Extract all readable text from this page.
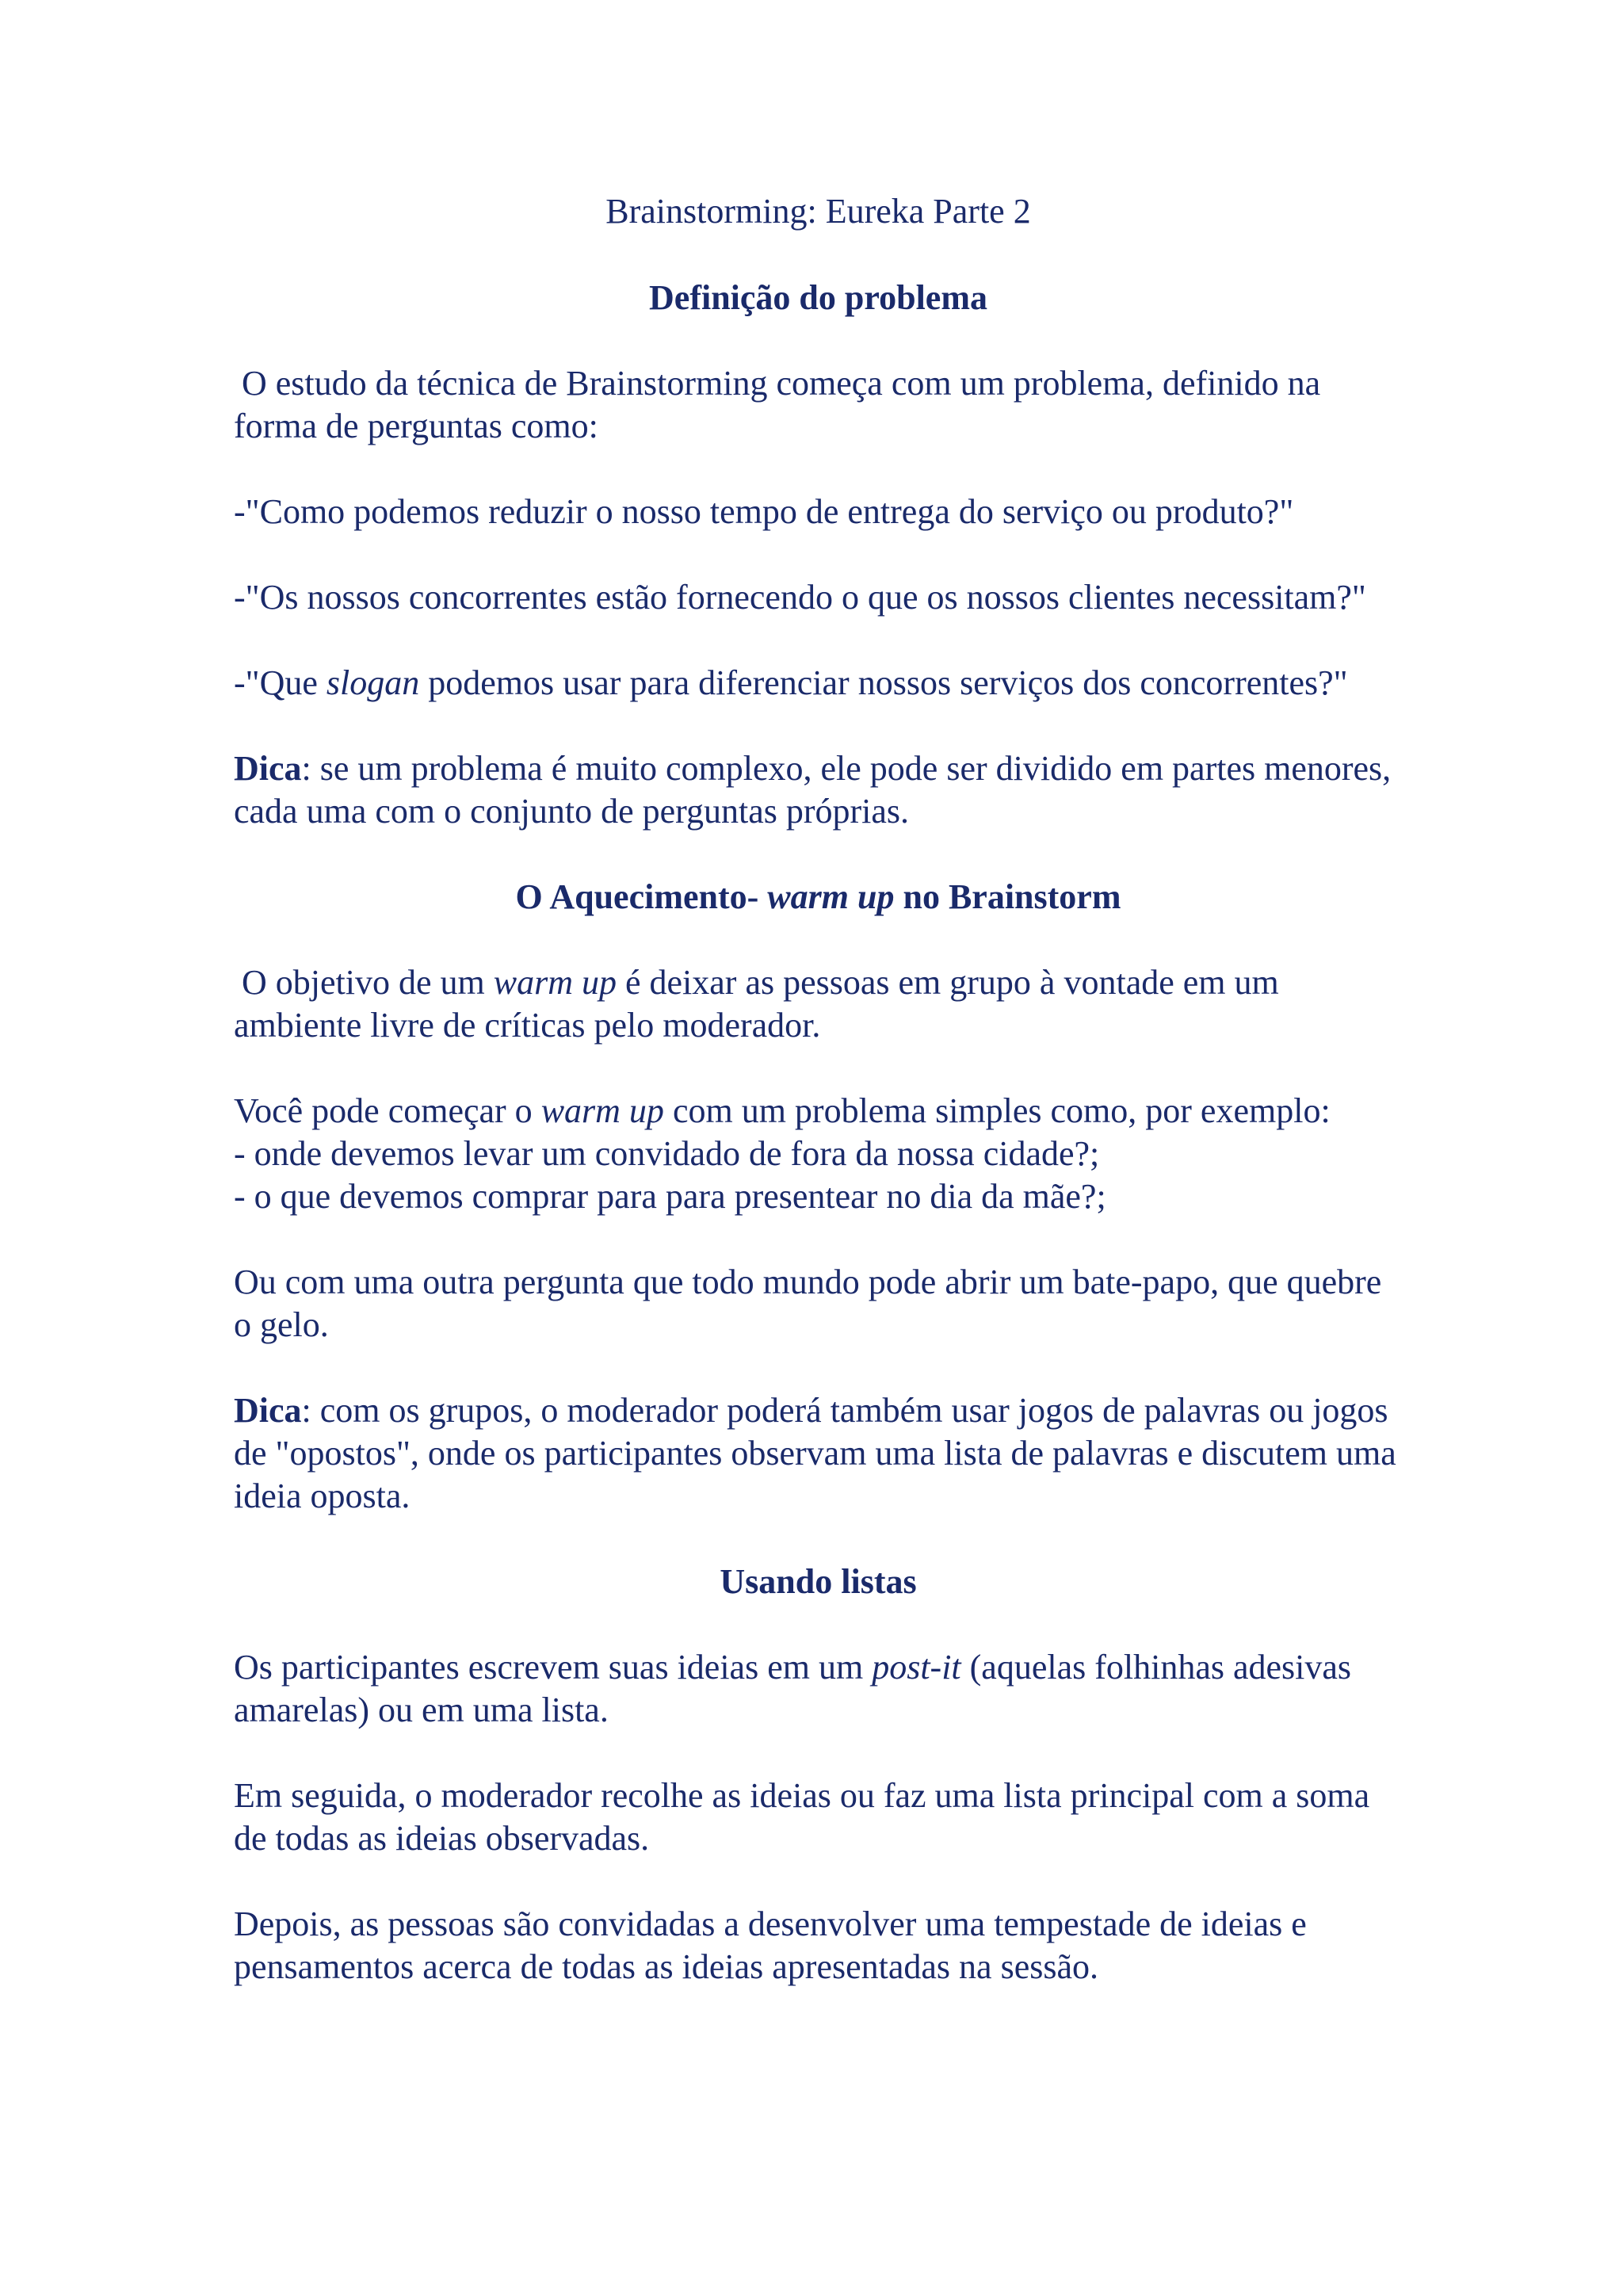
Brainstorming: Eureka Parte 2
Definição do problema

O estudo da técnica de Brainstorming começa com um problema, definido na forma de perguntas como:

-"Como podemos reduzir o nosso tempo de entrega do serviço ou produto?"

-"Os nossos concorrentes estão fornecendo o que os nossos clientes necessitam?"

-"Que slogan podemos usar para diferenciar nossos serviços dos concorrentes?"

Dica: se um problema é muito complexo, ele pode ser dividido em partes menores, cada uma com o conjunto de perguntas próprias.

O Aquecimento- warm up no Brainstorm

O objetivo de um warm up é deixar as pessoas em grupo à vontade em um ambiente livre de críticas pelo moderador.

Você pode começar o warm up com um problema simples como, por exemplo:

- onde devemos levar um convidado de fora da nossa cidade?;

- o que devemos comprar para para presentear no dia da mãe?;

Ou com uma outra pergunta que todo mundo pode abrir um bate-papo, que quebre o gelo.

Dica: com os grupos, o moderador poderá também usar jogos de palavras ou jogos de "opostos", onde os participantes observam uma lista de palavras e discutem uma ideia oposta.

Usando listas

Os participantes escrevem suas ideias em um post-it (aquelas folhinhas adesivas amarelas) ou em uma lista.

Em seguida, o moderador recolhe as ideias ou faz uma lista principal com a soma de todas as ideias observadas.

Depois, as pessoas são convidadas a desenvolver uma tempestade de ideias e pensamentos acerca de todas as ideias apresentadas na sessão.
